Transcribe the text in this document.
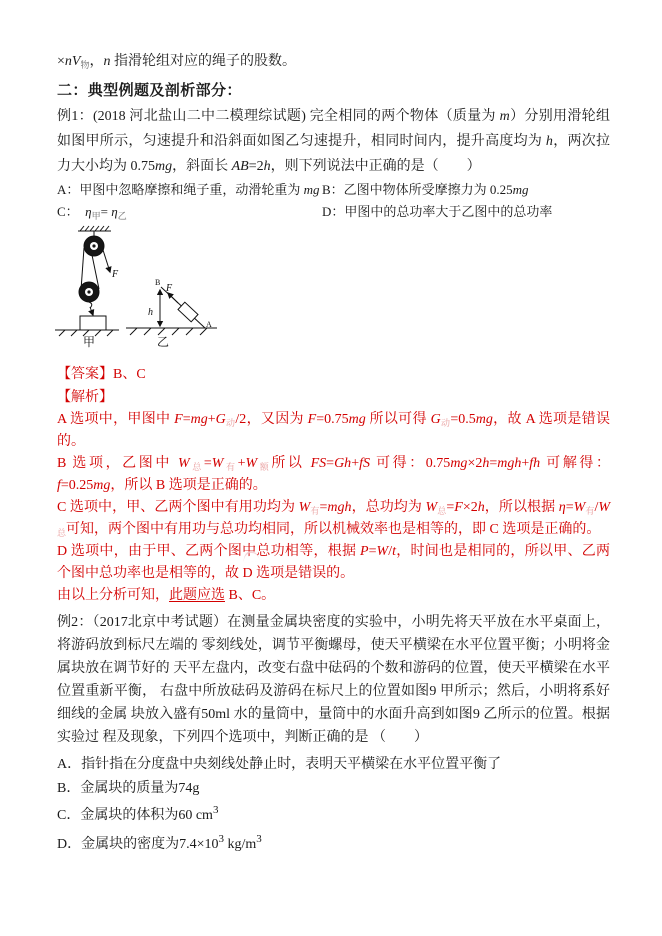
$\times nV_物$，n 指滑轮组对应的绳子的股数。

二：典型例题及剖析部分：

例1：(2018 河北盐山二中二模理综试题) 完全相同的两个物体（质量为 m）分别用滑轮组如图甲所示，匀速提升和沿斜面如图乙匀速提升，相同时间内，提升高度均为 h，两次拉力大小均为 0.75mg，斜面长 AB=2h，则下列说法中正确的是（　　）

A：甲图中忽略摩擦和绳子重，动滑轮重为 mg B：乙图中物体所受摩擦力为 0.25mg

C：　$\eta_甲= \eta_乙$	D：甲图中的总功率大于乙图中的总功率

F
甲
B
h
F
A
乙

【答案】B、C

【解析】

A 选项中，甲图中 $F=mg+G_动/2$，又因为 F=0.75mg 所以可得 $G_动=0.5mg$，故 A 选项是错误的。

B 选项，乙图中 $W_总=W_有+W_额$所以 FS=Gh+fS 可得：0.75mg×2h=mgh+fh 可解得：f=0.25mg，所以 B 选项是正确的。

C 选项中，甲、乙两个图中有用功均为 $W_有=mgh$，总功均为 $W_总=F\times 2h$，所以根据 $\eta=W_有/W_总$可知，两个图中有用功与总功均相同，所以机械效率也是相等的，即 C 选项是正确的。

D 选项中，由于甲、乙两个图中总功相等，根据 P=W/t，时间也是相同的，所以甲、乙两个图中总功率也是相等的，故 D 选项是错误的。

由以上分析可知，此题应选 B、C。

例2：（2017北京中考试题）在测量金属块密度的实验中，小明先将天平放在水平桌面上，将游码放到标尺左端的 零刻线处，调节平衡螺母，使天平横梁在水平位置平衡；小明将金属块放在调节好的 天平左盘内，改变右盘中砝码的个数和游码的位置，使天平横梁在水平位置重新平衡， 右盘中所放砝码及游码在标尺上的位置如图9 甲所示；然后，小明将系好细线的金属 块放入盛有50ml 水的量筒中，量筒中的水面升高到如图9 乙所示的位置。根据实验过 程及现象，下列四个选项中，判断正确的是 （　　）

A．指针指在分度盘中央刻线处静止时，表明天平横梁在水平位置平衡了

B．金属块的质量为74g

C．金属块的体积为60 $cm^3$

D．金属块的密度为$7.4\times 10^3$ $kg/m^3$
